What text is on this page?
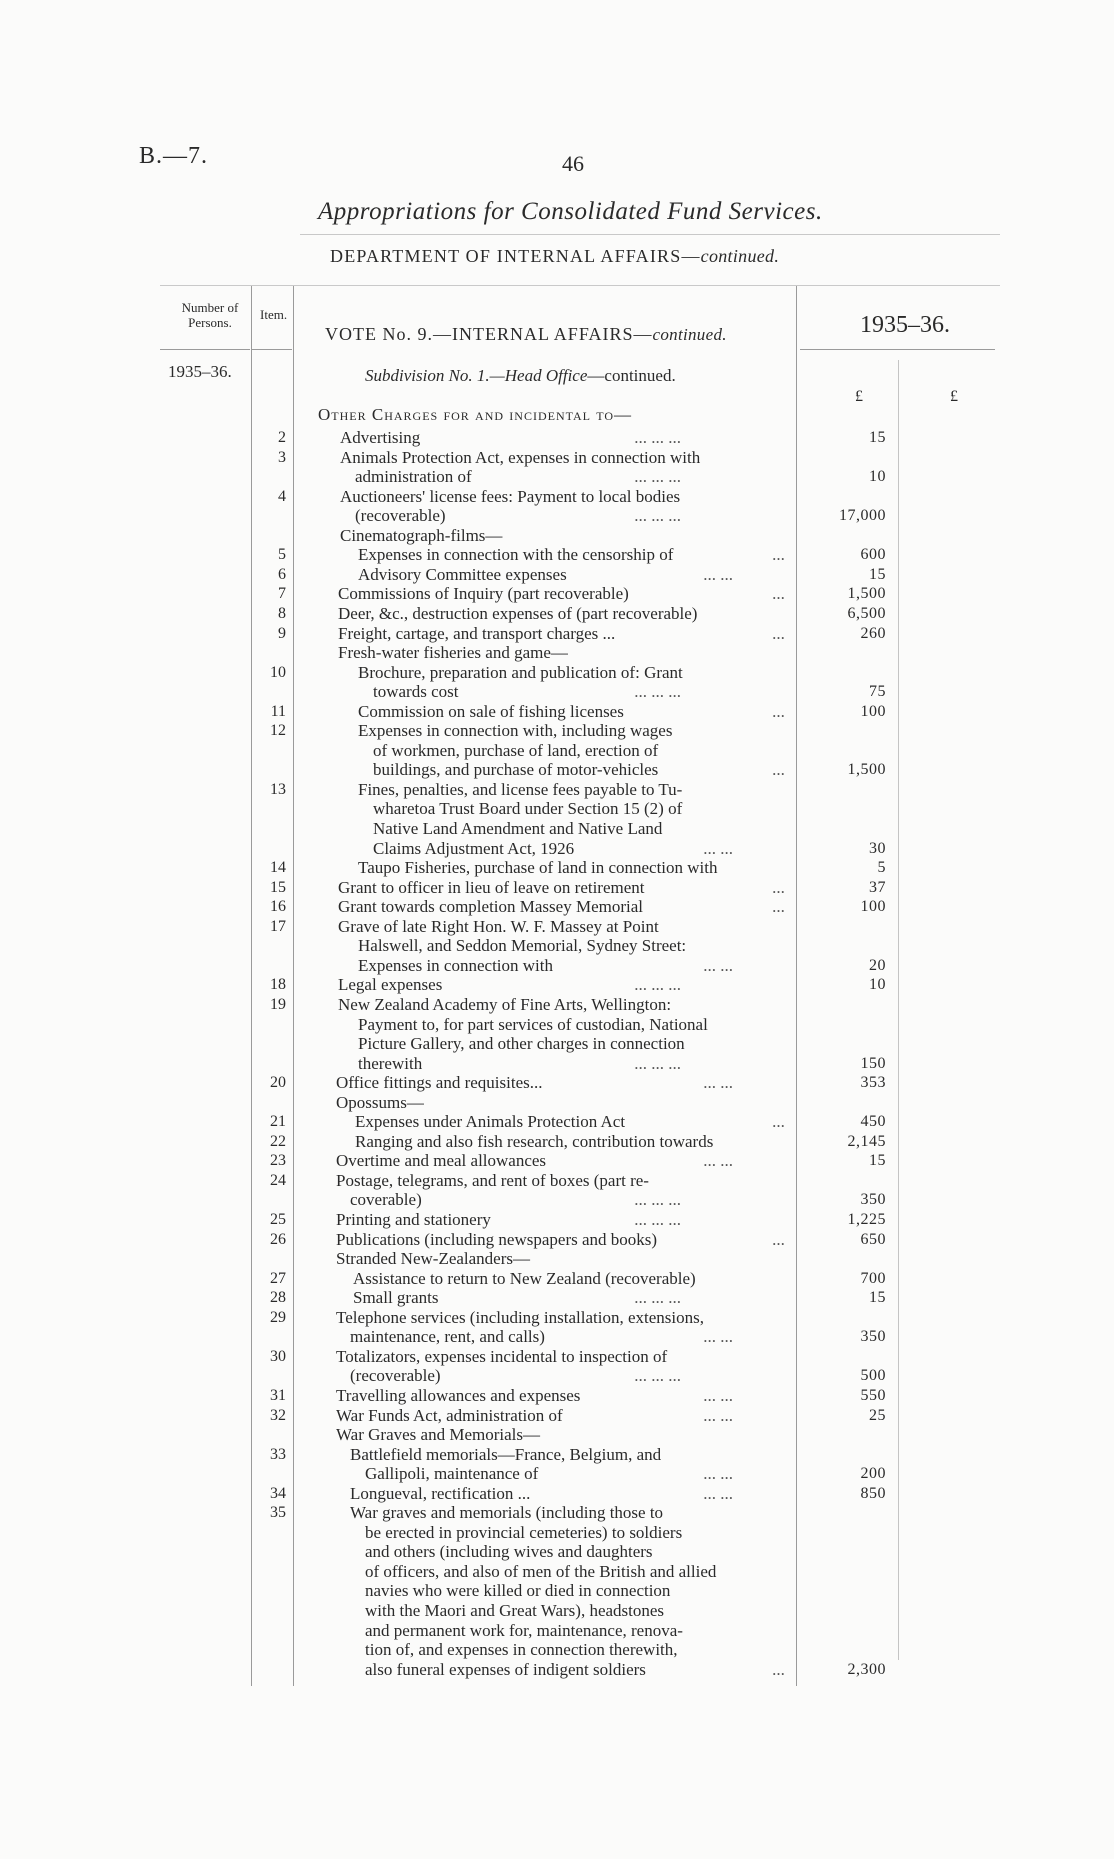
B.—7.	46
Appropriations for Consolidated Fund Services.
DEPARTMENT OF INTERNAL AFFAIRS—continued.
Number of Persons.
Item.
VOTE No. 9.—INTERNAL AFFAIRS—continued.	1935–36.
1935–36.	Subdivision No. 1.—Head Office—continued.
£	£
Other Charges for and incidental to—
2	Advertising	... ... ...	15
3	Animals Protection Act, expenses in connection with
administration of	... ... ...	10
4	Auctioneers' license fees: Payment to local bodies
(recoverable)	... ... ...	17,000
Cinematograph-films—
5	Expenses in connection with the censorship of	...	600
6	Advisory Committee expenses	... ...	15
7	Commissions of Inquiry (part recoverable)	...	1,500
8	Deer, &c., destruction expenses of (part recoverable)	6,500
9	Freight, cartage, and transport charges ...	...	260
Fresh-water fisheries and game—
10	Brochure, preparation and publication of: Grant
towards cost	... ... ...	75
11	Commission on sale of fishing licenses	...	100
12	Expenses in connection with, including wages
of workmen, purchase of land, erection of
buildings, and purchase of motor-vehicles	...	1,500
13	Fines, penalties, and license fees payable to Tu-
wharetoa Trust Board under Section 15 (2) of
Native Land Amendment and Native Land
Claims Adjustment Act, 1926	... ...	30
14	Taupo Fisheries, purchase of land in connection with	5
15	Grant to officer in lieu of leave on retirement	...	37
16	Grant towards completion Massey Memorial	...	100
17	Grave of late Right Hon. W. F. Massey at Point
Halswell, and Seddon Memorial, Sydney Street:
Expenses in connection with	... ...	20
18	Legal expenses	... ... ...	10
19	New Zealand Academy of Fine Arts, Wellington:
Payment to, for part services of custodian, National
Picture Gallery, and other charges in connection
therewith	... ... ...	150
20	Office fittings and requisites...	... ...	353
Opossums—
21	Expenses under Animals Protection Act	...	450
22	Ranging and also fish research, contribution towards	2,145
23	Overtime and meal allowances	... ...	15
24	Postage, telegrams, and rent of boxes (part re-
coverable)	... ... ...	350
25	Printing and stationery	... ... ...	1,225
26	Publications (including newspapers and books)	...	650
Stranded New-Zealanders—
27	Assistance to return to New Zealand (recoverable)	700
28	Small grants	... ... ...	15
29	Telephone services (including installation, extensions,
maintenance, rent, and calls)	... ...	350
30	Totalizators, expenses incidental to inspection of
(recoverable)	... ... ...	500
31	Travelling allowances and expenses	... ...	550
32	War Funds Act, administration of	... ...	25
War Graves and Memorials—
33	Battlefield memorials—France, Belgium, and
Gallipoli, maintenance of	... ...	200
34	Longueval, rectification ...	... ...	850
35	War graves and memorials (including those to
be erected in provincial cemeteries) to soldiers
and others (including wives and daughters
of officers, and also of men of the British and allied
navies who were killed or died in connection
with the Maori and Great Wars), headstones
and permanent work for, maintenance, renova-
tion of, and expenses in connection therewith,
also funeral expenses of indigent soldiers	...	2,300
